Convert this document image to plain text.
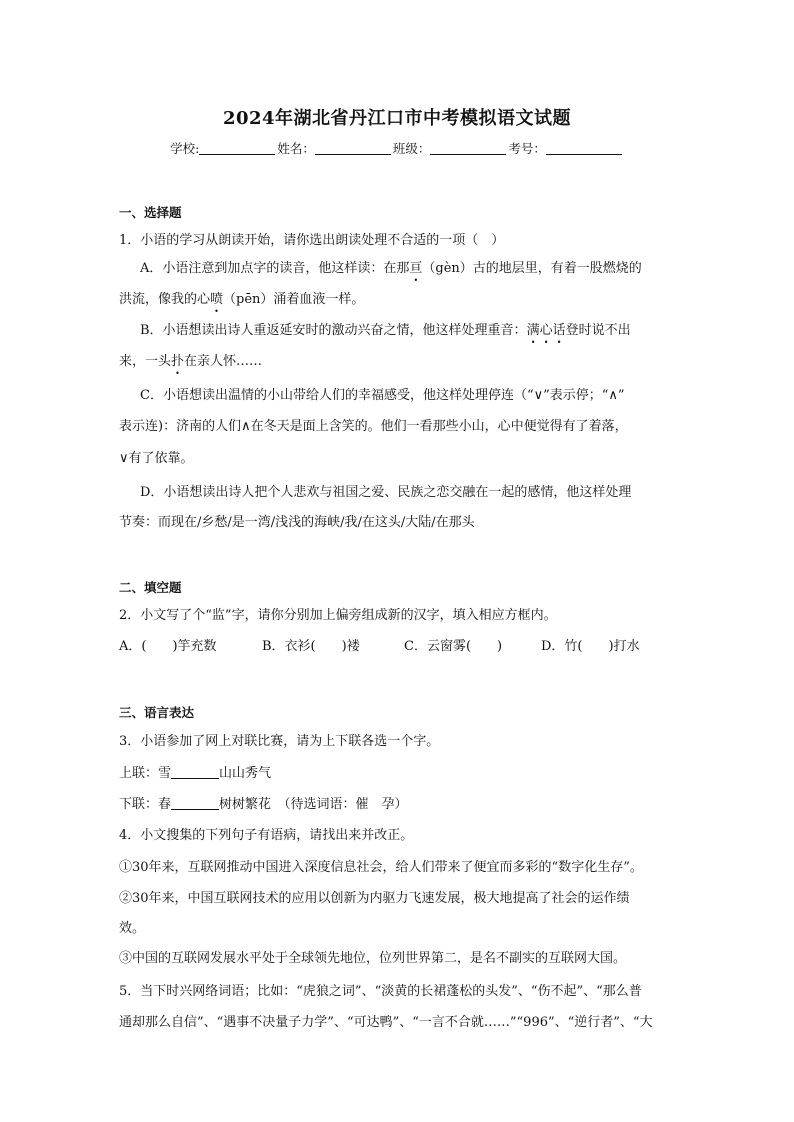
2024年湖北省丹江口市中考模拟语文试题
学校:	姓名：	班级：	考号：
一、选择题
1．小语的学习从朗读开始，请你选出朗读处理不合适的一项（　）
A．小语注意到加点字的读音，他这样读：在那亘（gèn）古的地层里，有着一股燃烧的
洪流，像我的心喷（pēn）涌着血液一样。
B．小语想读出诗人重返延安时的激动兴奋之情，他这样处理重音：满心话登时说不出
来，一头扑在亲人怀……
C．小语想读出温情的小山带给人们的幸福感受，他这样处理停连（“∨”表示停；“∧”
表示连)：济南的人们∧在冬天是面上含笑的。他们一看那些小山，心中便觉得有了着落，
∨有了依靠。
D．小语想读出诗人把个人悲欢与祖国之爱、民族之恋交融在一起的感情，他这样处理
节奏：而现在/乡愁/是一湾/浅浅的海峡/我/在这头/大陆/在那头
二、填空题
2．小文写了个“监”字，请你分别加上偏旁组成新的汉字，填入相应方框内。
A．(　　)竽充数	B．衣衫(　　)褛	C．云窗雾(　　)	D．竹(　　)打水
三、语言表达
3．小语参加了网上对联比赛，请为上下联各选一个字。
上联：雪	山山秀气
下联：春	树树繁花　（待选词语：催　孕）
4．小文搜集的下列句子有语病，请找出来并改正。
①30年来，互联网推动中国进入深度信息社会，给人们带来了便宜而多彩的“数字化生存”。
②30年来，中国互联网技术的应用以创新为内驱力飞速发展，极大地提高了社会的运作绩
效。
③中国的互联网发展水平处于全球领先地位，位列世界第二，是名不副实的互联网大国。
5．当下时兴网络词语；比如：“虎狼之词”、“淡黄的长裙蓬松的头发”、“伤不起”、“那么普
通却那么自信”、“遇事不决量子力学”、“可达鸭”、“一言不合就……”“996”、“逆行者”、“大
